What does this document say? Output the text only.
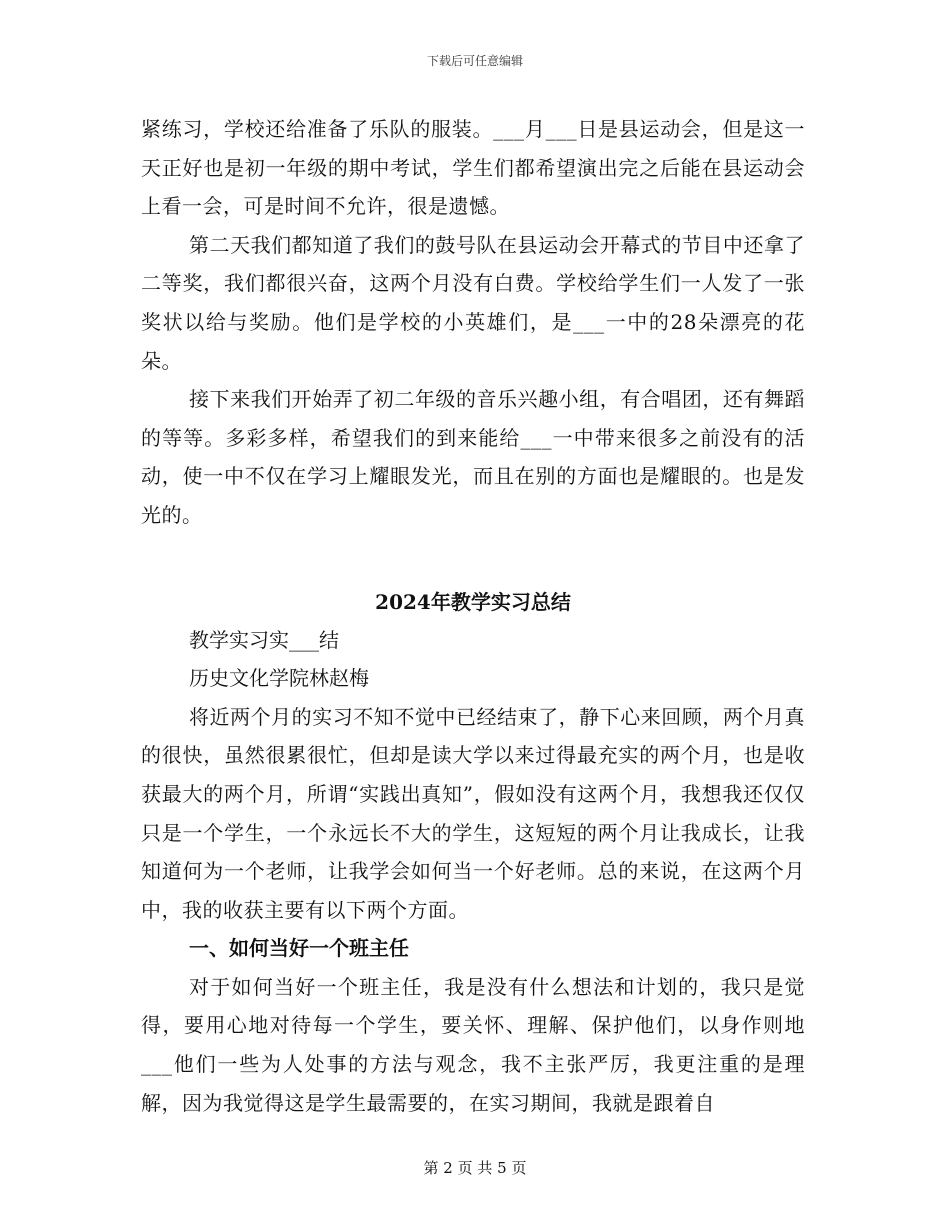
下载后可任意编辑

紧练习，学校还给准备了乐队的服装。___月___日是县运动会，但是这一天正好也是初一年级的期中考试，学生们都希望演出完之后能在县运动会上看一会，可是时间不允许，很是遗憾。

第二天我们都知道了我们的鼓号队在县运动会开幕式的节目中还拿了二等奖，我们都很兴奋，这两个月没有白费。学校给学生们一人发了一张奖状以给与奖励。他们是学校的小英雄们，是___一中的28朵漂亮的花朵。

接下来我们开始弄了初二年级的音乐兴趣小组，有合唱团，还有舞蹈的等等。多彩多样，希望我们的到来能给___一中带来很多之前没有的活动，使一中不仅在学习上耀眼发光，而且在别的方面也是耀眼的。也是发光的。

2024年教学实习总结

教学实习实___结

历史文化学院林赵梅

将近两个月的实习不知不觉中已经结束了，静下心来回顾，两个月真的很快，虽然很累很忙，但却是读大学以来过得最充实的两个月，也是收获最大的两个月，所谓“实践出真知”，假如没有这两个月，我想我还仅仅只是一个学生，一个永远长不大的学生，这短短的两个月让我成长，让我知道何为一个老师，让我学会如何当一个好老师。总的来说，在这两个月中，我的收获主要有以下两个方面。

一、如何当好一个班主任

对于如何当好一个班主任，我是没有什么想法和计划的，我只是觉得，要用心地对待每一个学生，要关怀、理解、保护他们，以身作则地___他们一些为人处事的方法与观念，我不主张严厉，我更注重的是理解，因为我觉得这是学生最需要的，在实习期间，我就是跟着自

第 2 页 共 5 页
